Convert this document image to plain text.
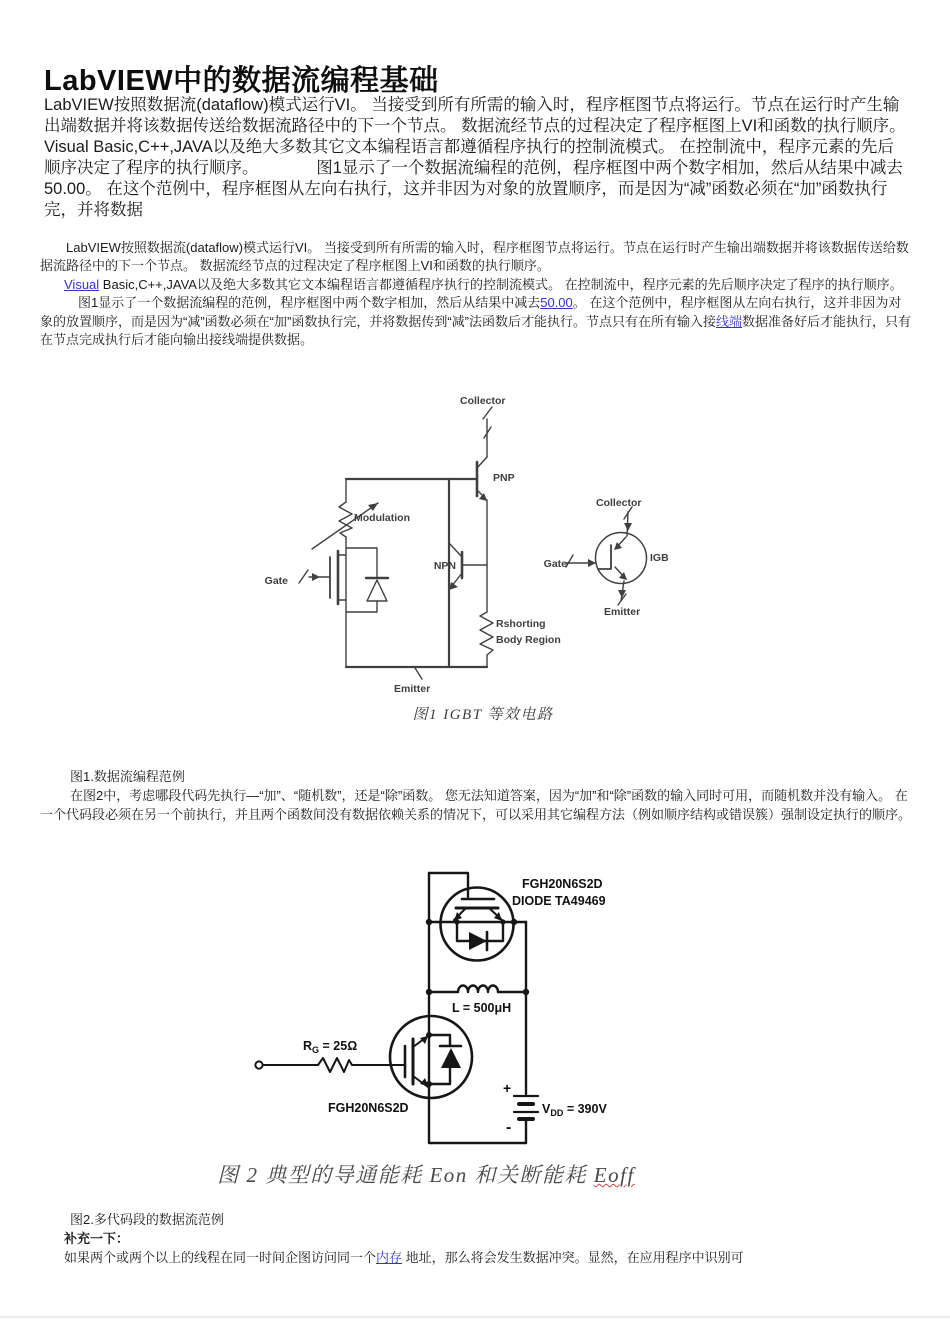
LabVIEW中的数据流编程基础
LabVIEW按照数据流(dataflow)模式运行VI。 当接受到所有所需的输入时，程序框图节点将运行。节点在运行时产生输出端数据并将该数据传送给数据流路径中的下一个节点。 数据流经节点的过程决定了程序框图上VI和函数的执行顺序。　　　Visual Basic,C++,JAVA以及绝大多数其它文本编程语言都遵循程序执行的控制流模式。 在控制流中，程序元素的先后顺序决定了程序的执行顺序。　　　　图1显示了一个数据流编程的范例，程序框图中两个数字相加，然后从结果中减去50.00。 在这个范例中，程序框图从左向右执行，这并非因为对象的放置顺序，而是因为“减”函数必须在“加”函数执行完，并将数据

LabVIEW按照数据流(dataflow)模式运行VI。 当接受到所有所需的输入时，程序框图节点将运行。节点在运行时产生输出端数据并将该数据传送给数据流路径中的下一个节点。 数据流经节点的过程决定了程序框图上VI和函数的执行顺序。

Visual Basic,C++,JAVA以及绝大多数其它文本编程语言都遵循程序执行的控制流模式。 在控制流中，程序元素的先后顺序决定了程序的执行顺序。

图1显示了一个数据流编程的范例，程序框图中两个数字相加，然后从结果中减去50.00。 在这个范例中，程序框图从左向右执行，这并非因为对象的放置顺序，而是因为“减”函数必须在“加”函数执行完，并将数据传到“减”法函数后才能执行。节点只有在所有输入接线端数据准备好后才能执行，只有在节点完成执行后才能向输出接线端提供数据。

Collector
PNP
Modulation
Gate
NPN
Rshorting
Body Region
Emitter
Collector
Gate	IGB
Emitter
图1 IGBT 等效电路

图1.数据流编程范例

在图2中，考虑哪段代码先执行—“加”、“随机数”，还是“除”函数。 您无法知道答案，因为“加”和“除”函数的输入同时可用，而随机数并没有输入。 在一个代码段必须在另一个前执行，并且两个函数间没有数据依赖关系的情况下，可以采用其它编程方法（例如顺序结构或错误簇）强制设定执行的顺序。

FGH20N6S2D
DIODE TA49469
L = 500μH
$R_G = 25\Omega$
FGH20N6S2D	$V_{DD} = 390V$
+
-
图 2 典型的导通能耗 Eon 和关断能耗 Eoff

图2.多代码段的数据流范例

补充一下：

如果两个或两个以上的线程在同一时间企图访问同一个内存 地址，那么将会发生数据冲突。显然，在应用程序中识别可
